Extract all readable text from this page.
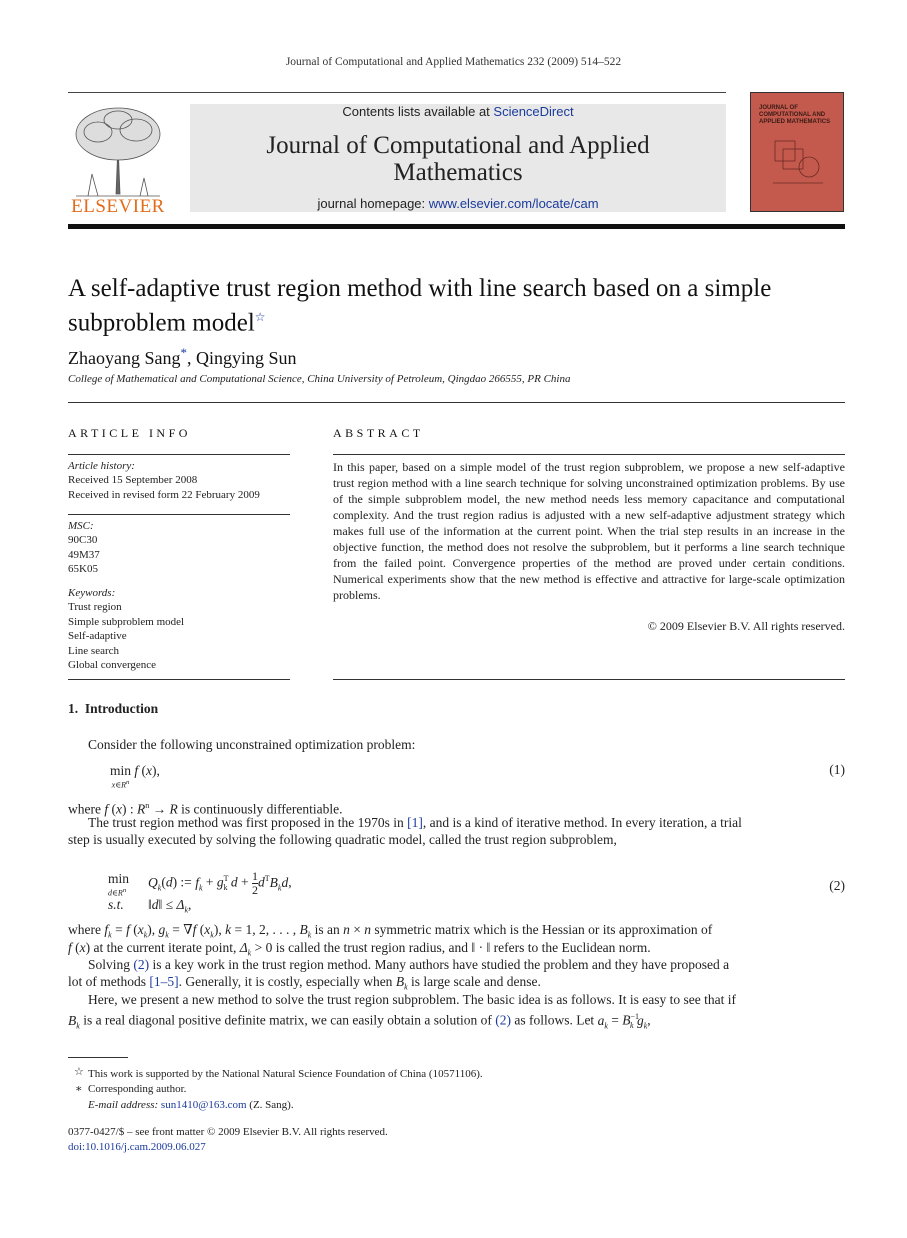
Journal of Computational and Applied Mathematics 232 (2009) 514–522
ELSEVIER
Contents lists available at ScienceDirect
Journal of Computational and Applied
Mathematics
journal homepage: www.elsevier.com/locate/cam
JOURNAL OF COMPUTATIONAL AND APPLIED MATHEMATICS
A self-adaptive trust region method with line search based on a simple
subproblem model☆
Zhaoyang Sang*, Qingying Sun
College of Mathematical and Computational Science, China University of Petroleum, Qingdao 266555, PR China
ARTICLE INFO
Article history:
Received 15 September 2008
Received in revised form 22 February 2009
MSC:
90C30
49M37
65K05
Keywords:
Trust region
Simple subproblem model
Self-adaptive
Line search
Global convergence
ABSTRACT
In this paper, based on a simple model of the trust region subproblem, we propose a new self-adaptive trust region method with a line search technique for solving unconstrained optimization problems. By use of the simple subproblem model, the new method needs less memory capacitance and computational complexity. And the trust region radius is adjusted with a new self-adaptive adjustment strategy which makes full use of the information at the current point. When the trial step results in an increase in the objective function, the method does not resolve the subproblem, but it performs a line search technique from the failed point. Convergence properties of the method are proved under certain conditions. Numerical experiments show that the new method is effective and attractive for large-scale optimization problems.
© 2009 Elsevier B.V. All rights reserved.
1. Introduction
Consider the following unconstrained optimization problem:
min

$x\in R^n$
f (x),	(1)
where f (x) : $R^n \to R$ is continuously differentiable.
The trust region method was first proposed in the 1970s in [1], and is a kind of iterative method. In every iteration, a trial
step is usually executed by solving the following quadratic model, called the trust region subproblem,
min

$d\in R^n$
$Q_k(d)$ := $f_k + g^T_k$ $d + \frac{1}{2} d^TB_kd$,
s.t. ‖d‖ ≤ $\Delta_k$,
(2)
where $f_k = f$ $(x_k)$, $g_k = \nabla f$ $(x_k)$, k = 1, 2, . . . , $B_k$ is an n × n symmetric matrix which is the Hessian or its approximation of
f (x) at the current iterate point, $\Delta_k > 0$ is called the trust region radius, and ‖ · ‖ refers to the Euclidean norm.
Solving (2) is a key work in the trust region method. Many authors have studied the problem and they have proposed a
lot of methods [1–5]. Generally, it is costly, especially when $B_k$ is large scale and dense.
Here, we present a new method to solve the trust region subproblem. The basic idea is as follows. It is easy to see that if
$B_k$ is a real diagonal positive definite matrix, we can easily obtain a solution of (2) as follows. Let $a_k = B^{-1}_k$ $g_k$,
☆ This work is supported by the National Natural Science Foundation of China (10571106).
∗ Corresponding author.
E-mail address: sun1410@163.com (Z. Sang).
0377-0427/$ – see front matter © 2009 Elsevier B.V. All rights reserved.
doi:10.1016/j.cam.2009.06.027
